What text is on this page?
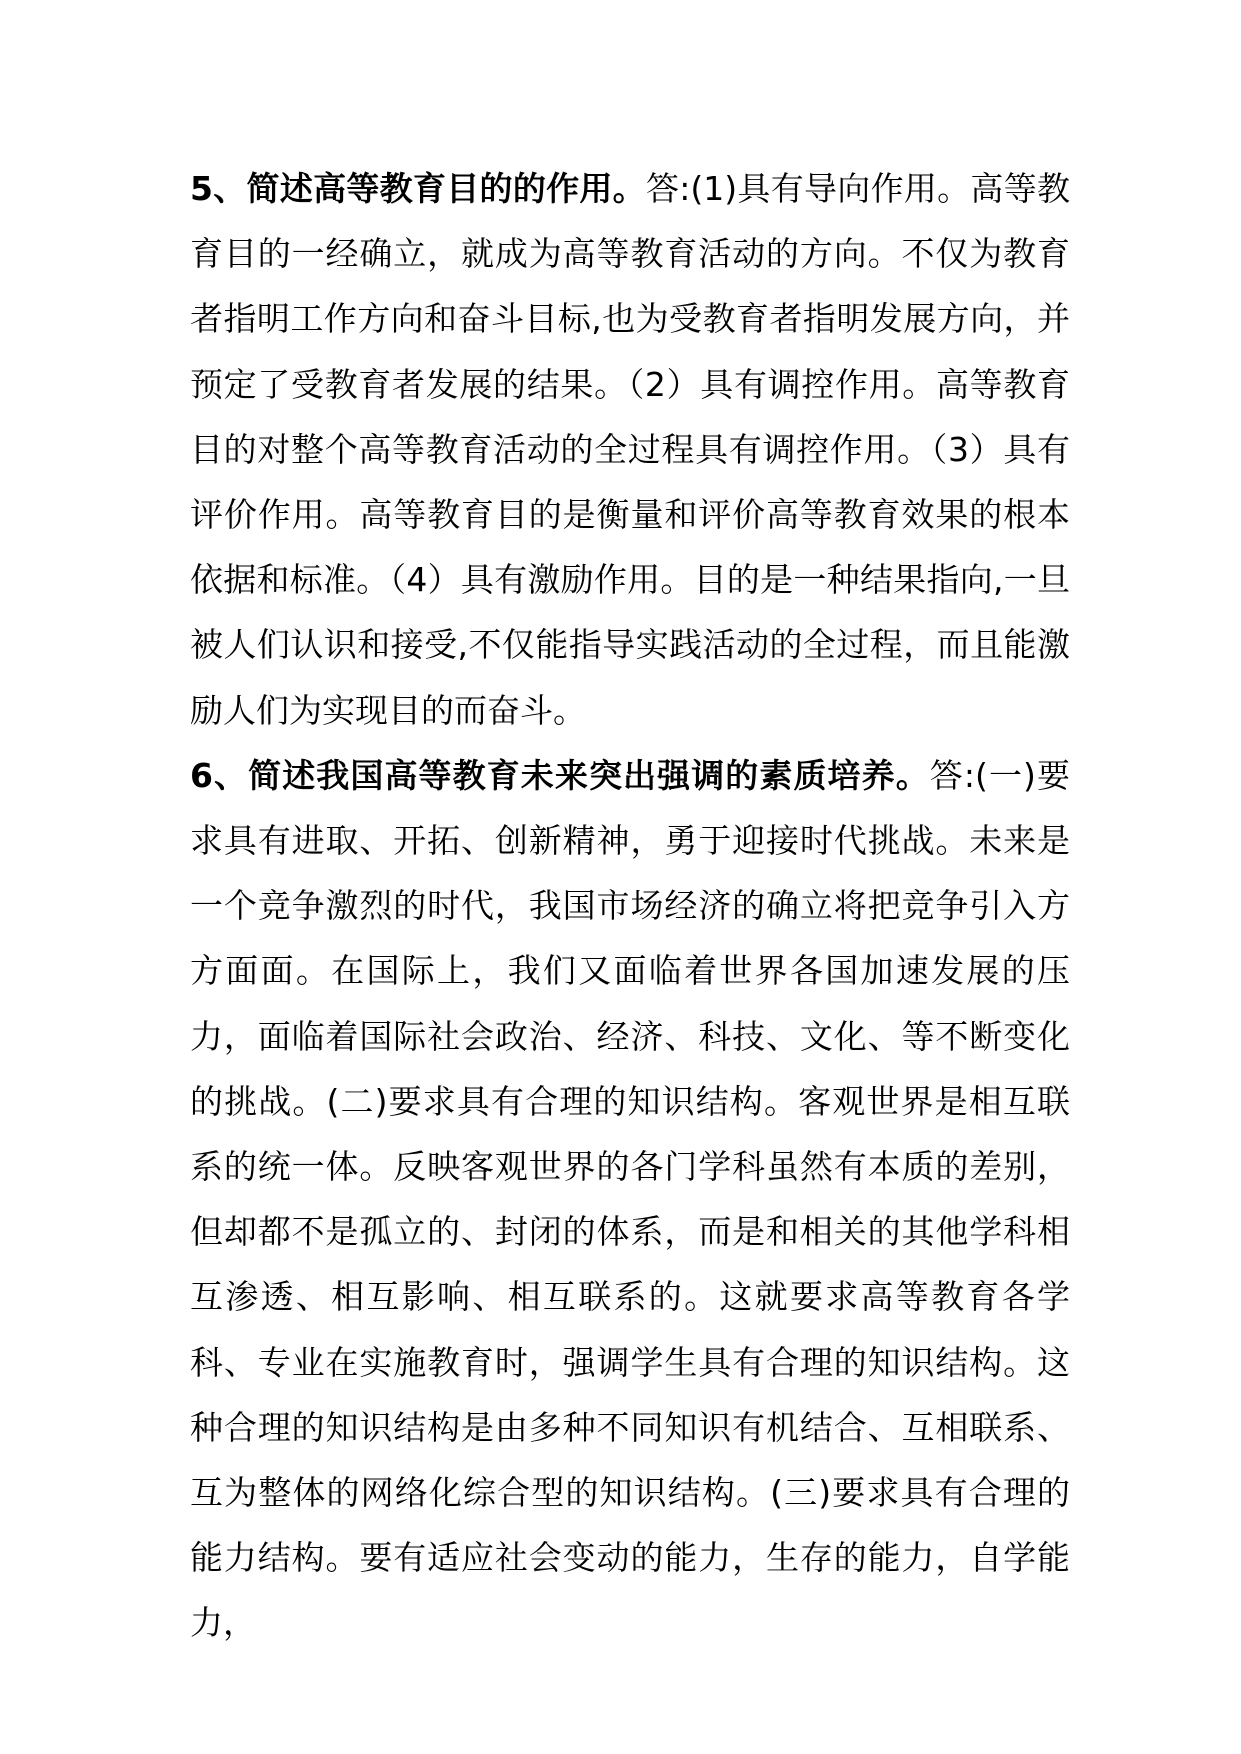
5、简述高等教育目的的作用。答:(1)具有导向作用。高等教育目的一经确立，就成为高等教育活动的方向。不仅为教育者指明工作方向和奋斗目标,也为受教育者指明发展方向，并预定了受教育者发展的结果。（2）具有调控作用。高等教育目的对整个高等教育活动的全过程具有调控作用。（3）具有评价作用。高等教育目的是衡量和评价高等教育效果的根本依据和标准。（4）具有激励作用。目的是一种结果指向,一旦被人们认识和接受,不仅能指导实践活动的全过程，而且能激励人们为实现目的而奋斗。

6、简述我国高等教育未来突出强调的素质培养。答:(一)要求具有进取、开拓、创新精神，勇于迎接时代挑战。未来是一个竞争激烈的时代，我国市场经济的确立将把竞争引入方方面面。在国际上，我们又面临着世界各国加速发展的压力，面临着国际社会政治、经济、科技、文化、等不断变化的挑战。(二)要求具有合理的知识结构。客观世界是相互联系的统一体。反映客观世界的各门学科虽然有本质的差别，但却都不是孤立的、封闭的体系，而是和相关的其他学科相互渗透、相互影响、相互联系的。这就要求高等教育各学科、专业在实施教育时，强调学生具有合理的知识结构。这种合理的知识结构是由多种不同知识有机结合、互相联系、互为整体的网络化综合型的知识结构。(三)要求具有合理的能力结构。要有适应社会变动的能力，生存的能力，自学能力，
